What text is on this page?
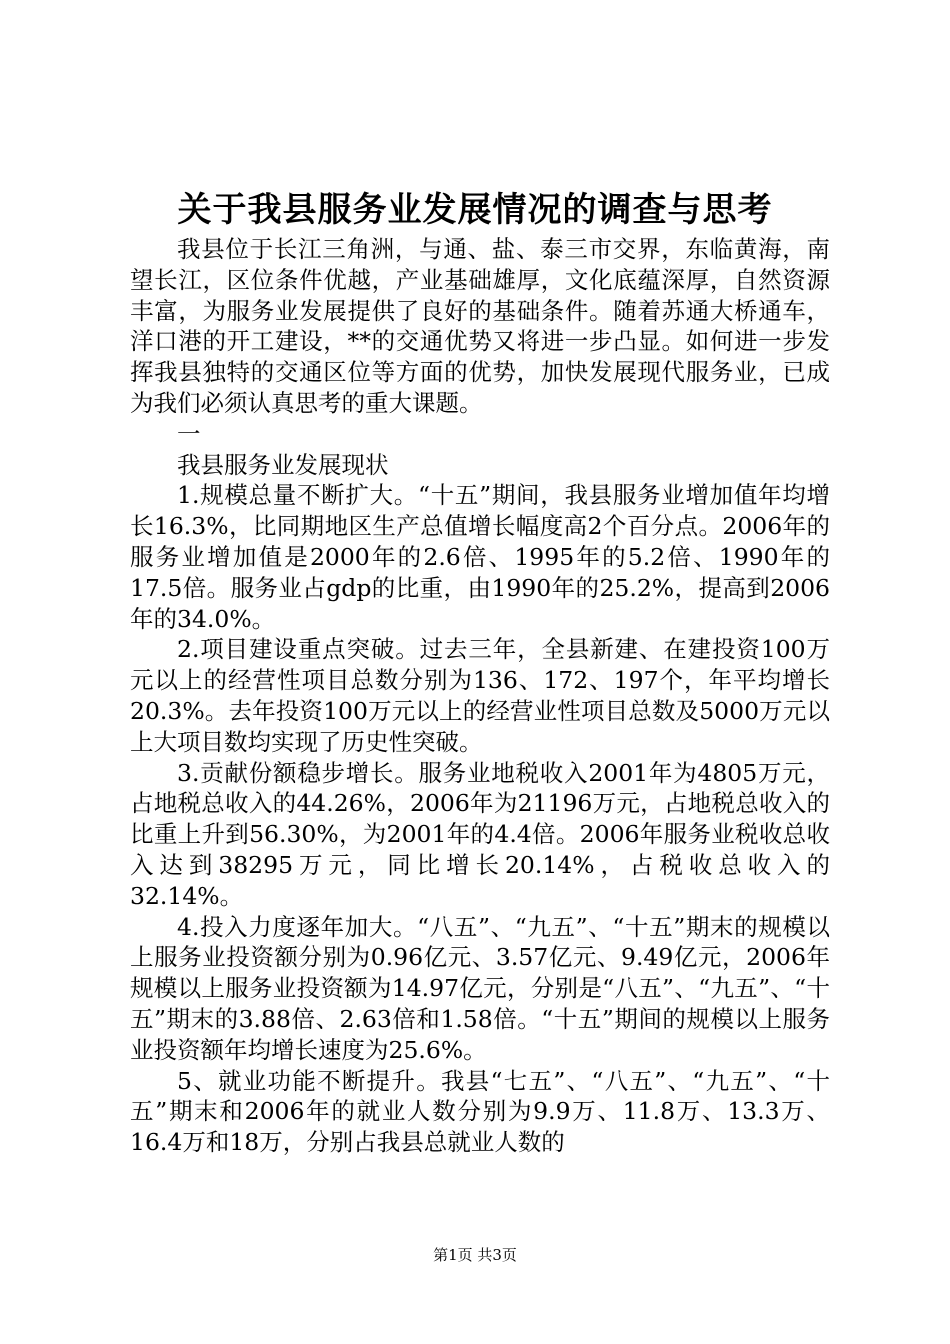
关于我县服务业发展情况的调查与思考

我县位于长江三角洲，与通、盐、泰三市交界，东临黄海，南望长江，区位条件优越，产业基础雄厚，文化底蕴深厚，自然资源丰富，为服务业发展提供了良好的基础条件。随着苏通大桥通车，洋口港的开工建设，**的交通优势又将进一步凸显。如何进一步发挥我县独特的交通区位等方面的优势，加快发展现代服务业，已成为我们必须认真思考的重大课题。

一

我县服务业发展现状

1.规模总量不断扩大。“十五”期间，我县服务业增加值年均增长16.3%，比同期地区生产总值增长幅度高2个百分点。2006年的服务业增加值是2000年的2.6倍、1995年的5.2倍、1990年的17.5倍。服务业占gdp的比重，由1990年的25.2%，提高到2006年的34.0%。

2.项目建设重点突破。过去三年，全县新建、在建投资100万元以上的经营性项目总数分别为136、172、197个，年平均增长20.3%。去年投资100万元以上的经营业性项目总数及5000万元以上大项目数均实现了历史性突破。

3.贡献份额稳步增长。服务业地税收入2001年为4805万元，占地税总收入的44.26%，2006年为21196万元，占地税总收入的比重上升到56.30%，为2001年的4.4倍。2006年服务业税收总收入达到38295万元，同比增长20.14%，占税收总收入的32.14%。

4.投入力度逐年加大。“八五”、“九五”、“十五”期末的规模以上服务业投资额分别为0.96亿元、3.57亿元、9.49亿元，2006年规模以上服务业投资额为14.97亿元，分别是“八五”、“九五”、“十五”期末的3.88倍、2.63倍和1.58倍。“十五”期间的规模以上服务业投资额年均增长速度为25.6%。

5、就业功能不断提升。我县“七五”、“八五”、“九五”、“十五”期末和2006年的就业人数分别为9.9万、11.8万、13.3万、16.4万和18万，分别占我县总就业人数的

第1页 共3页
